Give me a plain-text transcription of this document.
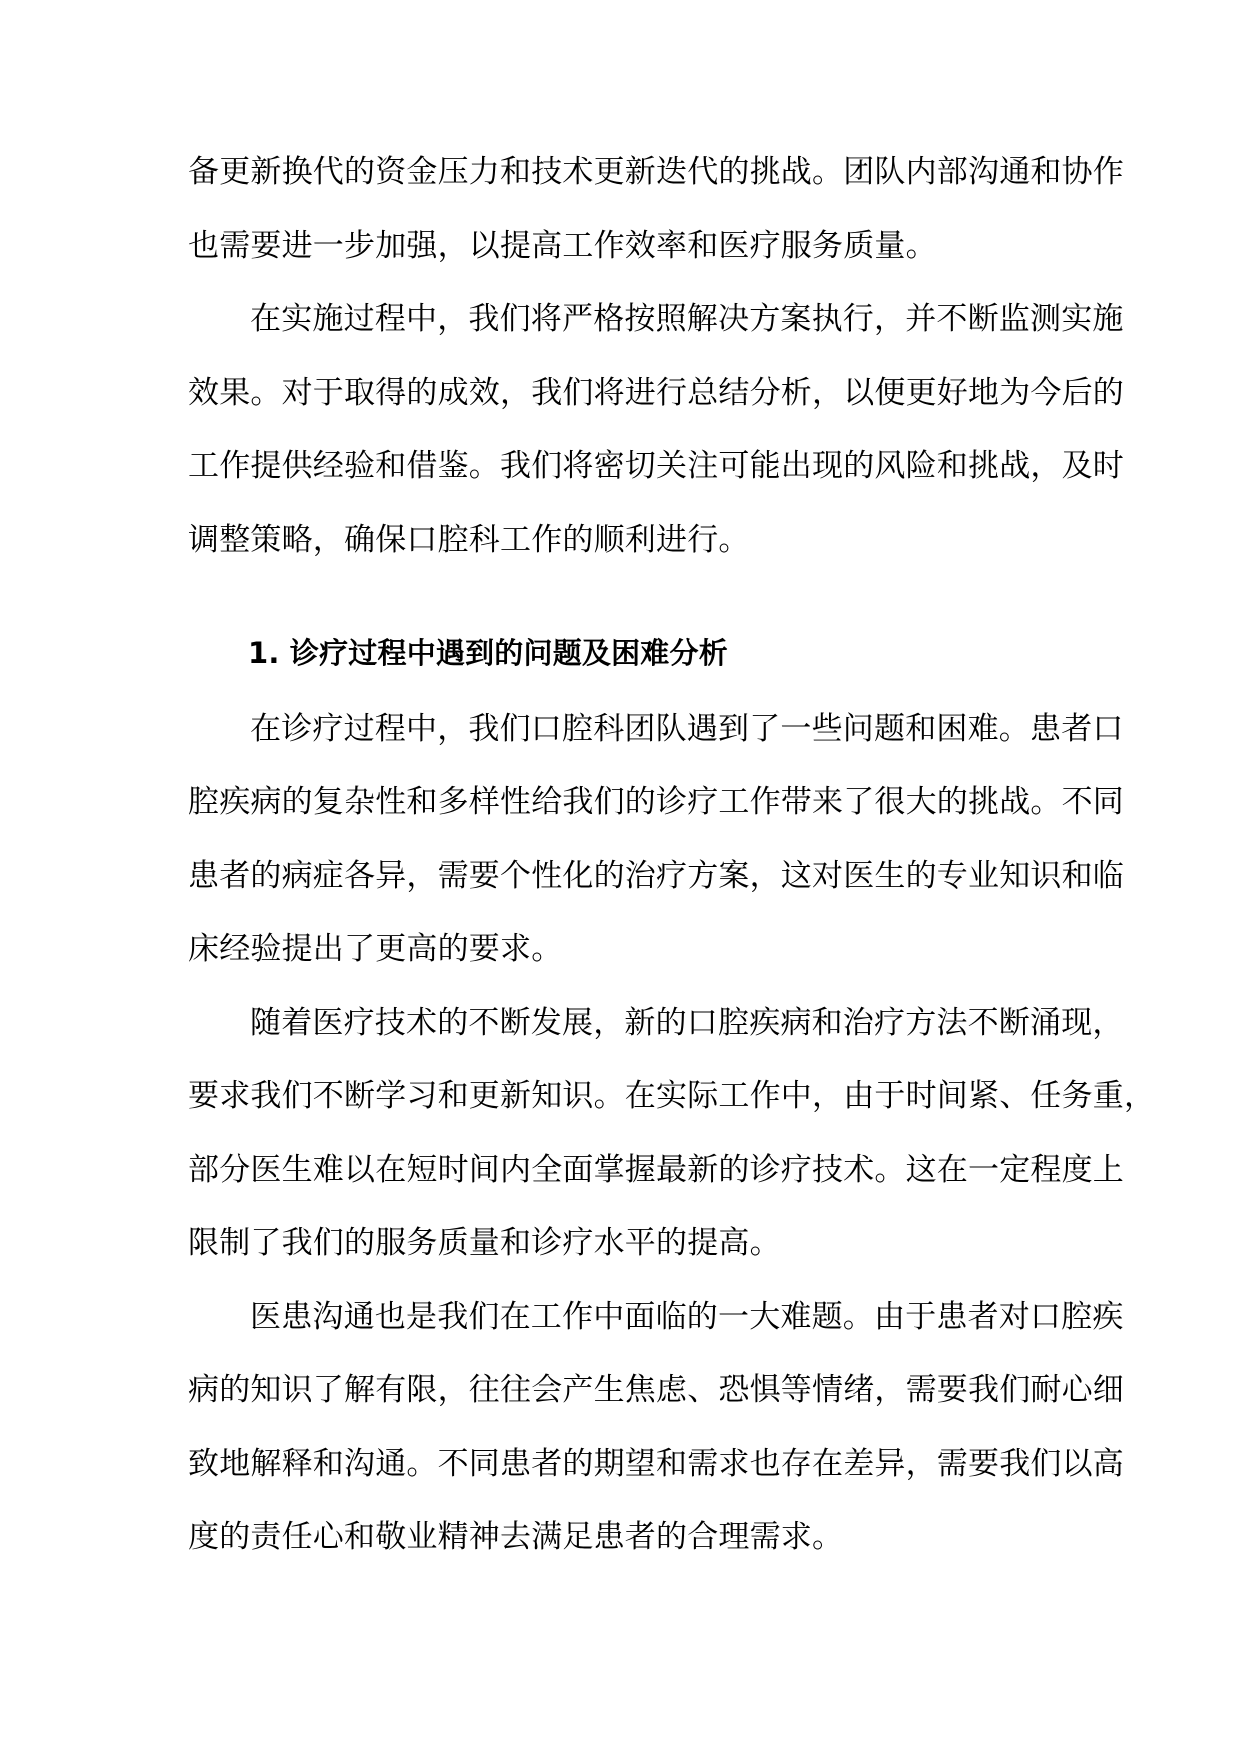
备更新换代的资金压力和技术更新迭代的挑战。团队内部沟通和协作
也需要进一步加强，以提高工作效率和医疗服务质量。
在实施过程中，我们将严格按照解决方案执行，并不断监测实施
效果。对于取得的成效，我们将进行总结分析，以便更好地为今后的
工作提供经验和借鉴。我们将密切关注可能出现的风险和挑战，及时
调整策略，确保口腔科工作的顺利进行。
1. 诊疗过程中遇到的问题及困难分析
在诊疗过程中，我们口腔科团队遇到了一些问题和困难。患者口
腔疾病的复杂性和多样性给我们的诊疗工作带来了很大的挑战。不同
患者的病症各异，需要个性化的治疗方案，这对医生的专业知识和临
床经验提出了更高的要求。
随着医疗技术的不断发展，新的口腔疾病和治疗方法不断涌现，
要求我们不断学习和更新知识。在实际工作中，由于时间紧、任务重，
部分医生难以在短时间内全面掌握最新的诊疗技术。这在一定程度上
限制了我们的服务质量和诊疗水平的提高。
医患沟通也是我们在工作中面临的一大难题。由于患者对口腔疾
病的知识了解有限，往往会产生焦虑、恐惧等情绪，需要我们耐心细
致地解释和沟通。不同患者的期望和需求也存在差异，需要我们以高
度的责任心和敬业精神去满足患者的合理需求。
